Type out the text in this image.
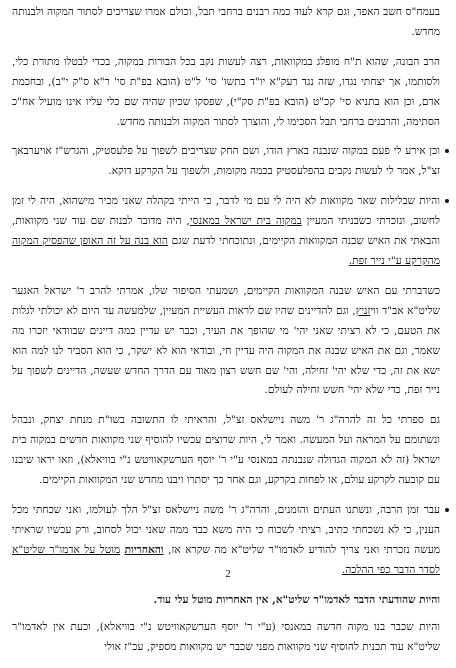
בעמח"ס חשב האפד, וגם קרא לעוד כמה רבנים ברחבי תבל, וכולם אמרו שצריכים לסתור המקוה ולבנותה מחדש.

הרב הבונה, שהוא ת"ח מופלג במקוואות, רצה לעשות נקב בכל הבורות במקוה, בכדי לבטלו מתורת כלי, ולסותמו, אך יצחתי נגדו, שזה נגד רעק"א יו"ד בתשו' סי' ל"ט (הובא בפ"ת סי' ר"א ס"ק י"ב), ובחכמת אדם, וכן הוא בתניא סי' קכ"ט (הובא בפ"ת סק"י), שפסקו שכיון שהיה שם כלי עליו אינו מועיל אח"כ הסתימה, והרבנים ברחבי תבל הסכימו לי, והוצרך לסתור המקוה ולבנותה מחדש.

וכן אירע לי פעם במקוה שנבנה בארץ הודו, ושם החק שצריכים לשפוך על פלעסטיק, והגרש"ז אויערבאך זצ"ל, אמר לי לעשות נקבים בהפלעסטיק בכמה מקומות, ולשפוך על הקרקע דוקא.

והיות שבלילות שאר מקוואות לא היה לי עם מי לדבר, כי הייתי בקהלה שאני מכיר מישהוא, היה לי זמן לחשוב, ונזכרתי כשבניתי המעיין במקוה בית ישראל במאנסי, היה מדובר לבנות שם עוד שני מקוואות, והבאתי את האיש שבנה המקוואות הקיימים, ונתוכחתי לדעת שגם הוא בנה על זה האופן שהפסיק המקוה מהקרקע ע"י נייר זפת.

כשדברתי עם האיש שבנה המקוואות הקיימים, ושמעתי הסיפור שלו, אמרתי להרב ר' ישראל האגער שליט"א אב"ד וויזניץ, וגם להדיינים שהיו שם לראות העשיית המעיין, שלמעשה עד היום לא יכולתי לגלות את הטעם, כי לא רציתי שאני יהי' מי שהופך את העיר, וכבר יש עדיין כמה דיינים שבוודאי יזכרו מה שאמר, וגם את האיש שבנה את המקוה היה עדיין חי, ובודאי הוא לא ישקר, כי הוא הסביר לנו למה הוא ישא את זה, כדי שלא יהי' זחילה, והי' שם חשש רצון מאוד עם הדרך החדש שעשה, הדיינים לשפוך על נייר זפת, כדי שלא יהי' חשש זחילה לעולם.

גם ספרתי כל זה להרה"ג ר' משה ניישלאס זצ"ל, והראיתי לו התשובה בשו"ת מנחת יצחק, ונבהל ונשתומם על המראה ועל המעשה. ואמר לי, היות שרוצים עכשיו להוסיף שני מקוואות חדשים במקוה בית ישראל (זה לא המקוה הגדולה שנבנתה במאנסי ע"י ר' יוסף הערשקאוויטש נ"י בוויאלא), וזאו יראו שיבנו עם קובעה לקרקע עולם, או לפחות בקרקע, וגם אחר כך יסתרו ויבנו מחדש שני המקוואות הקיימים.

עבר זמן הרבה, ונשתנו העתים והזמנים, והרה"ג ר' משה ניישלאס זצ"ל הלך לעולמו, ואני שכחתי מכל הענין, כי לא נשכחתי כתיב, רציתי לשכוח כי היה משא כבד ממה שאני יכול לסחוב, ורק עכשיו שראיתי מעשה נזכרתי ואני צריך להודיע לאדמו"ר שליט"א מה שקרא אז, והאחריות מוטל על אדמו"ר שליט"א לסדר הדבר כפי ההלכה.

והיות שהודעתי הדבר לאדמו"ר שליט"א, אין האחריות מוטל עלי עוד.

והיות שכבר בנו מקוה חדשה במאנסי (ע"י ר' יוסף הערשקאוויטש נ"י בוויאלא), וכעת אין לאדמו"ר שליט"א עוד תכנית להוסיף שני מקוואות מפני שכבר יש מקוואות מספיק, עכ"ז אולי

2
